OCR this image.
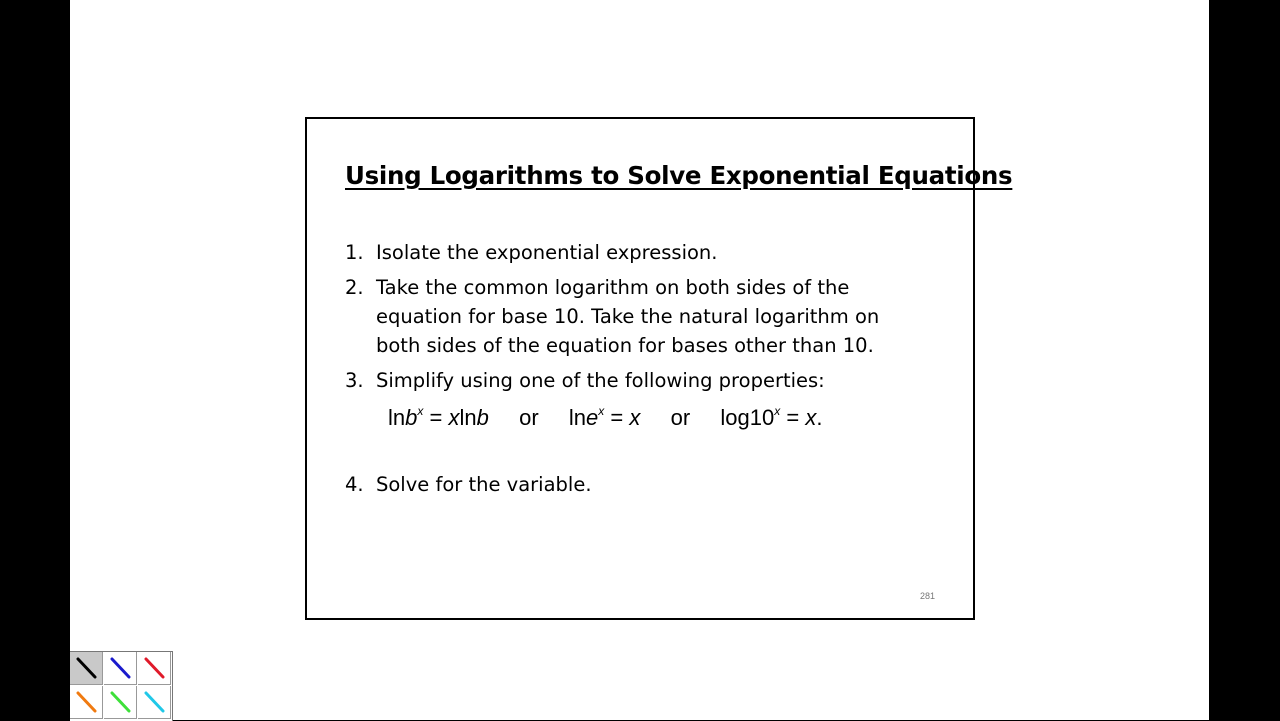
Using Logarithms to Solve Exponential Equations
1. Isolate the exponential expression.
2. Take the common logarithm on both sides of the
equation for base 10. Take the natural logarithm on
both sides of the equation for bases other than 10.
3. Simplify using one of the following properties:
lnb$^x$ = xlnb or lne$^x$ = x or $\log 10^x = x$.
4. Solve for the variable.
281
